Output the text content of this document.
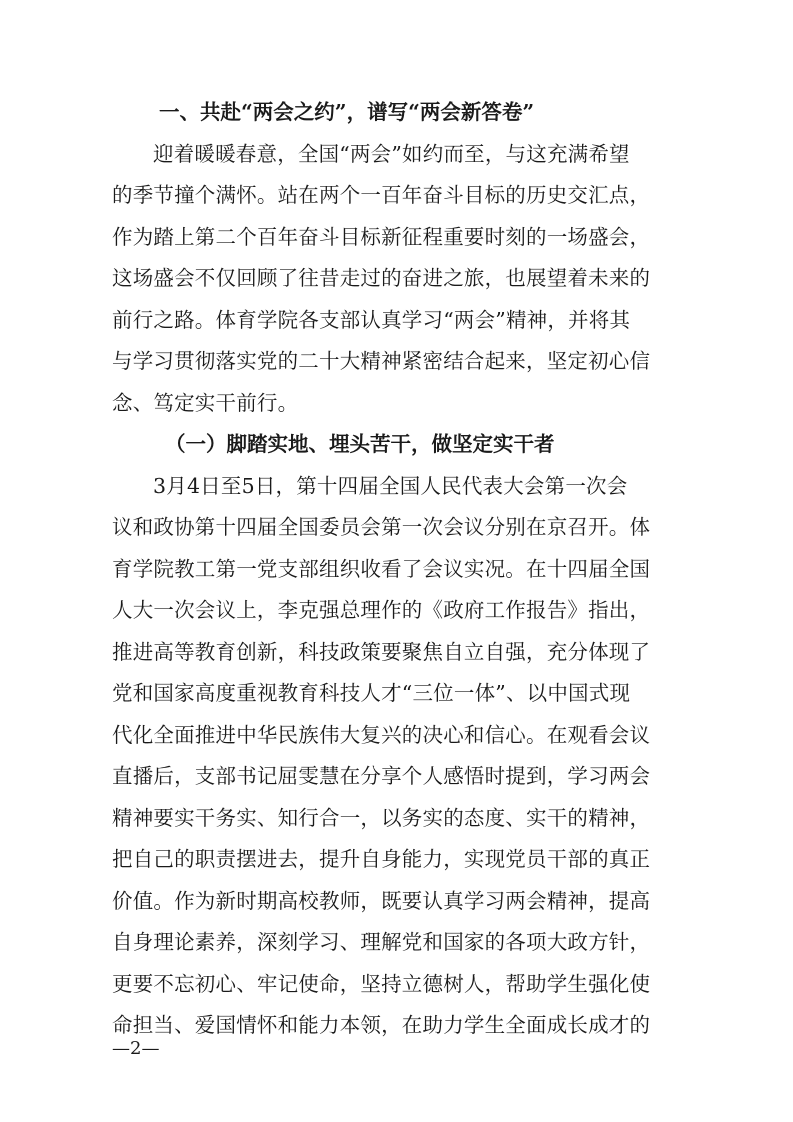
一、共赴“两会之约”，谱写“两会新答卷”
迎着暖暖春意，全国“两会”如约而至，与这充满希望
的季节撞个满怀。站在两个一百年奋斗目标的历史交汇点，
作为踏上第二个百年奋斗目标新征程重要时刻的一场盛会，
这场盛会不仅回顾了往昔走过的奋进之旅，也展望着未来的
前行之路。体育学院各支部认真学习“两会”精神，并将其
与学习贯彻落实党的二十大精神紧密结合起来，坚定初心信
念、笃定实干前行。
（一）脚踏实地、埋头苦干，做坚定实干者
3月4日至5日，第十四届全国人民代表大会第一次会
议和政协第十四届全国委员会第一次会议分别在京召开。体
育学院教工第一党支部组织收看了会议实况。在十四届全国
人大一次会议上，李克强总理作的《政府工作报告》指出，
推进高等教育创新，科技政策要聚焦自立自强，充分体现了
党和国家高度重视教育科技人才“三位一体”、以中国式现
代化全面推进中华民族伟大复兴的决心和信心。在观看会议
直播后，支部书记屈雯慧在分享个人感悟时提到，学习两会
精神要实干务实、知行合一，以务实的态度、实干的精神，
把自己的职责摆进去，提升自身能力，实现党员干部的真正
价值。作为新时期高校教师，既要认真学习两会精神，提高
自身理论素养，深刻学习、理解党和国家的各项大政方针，
更要不忘初心、牢记使命，坚持立德树人，帮助学生强化使
命担当、爱国情怀和能力本领，在助力学生全面成长成才的
—2—
